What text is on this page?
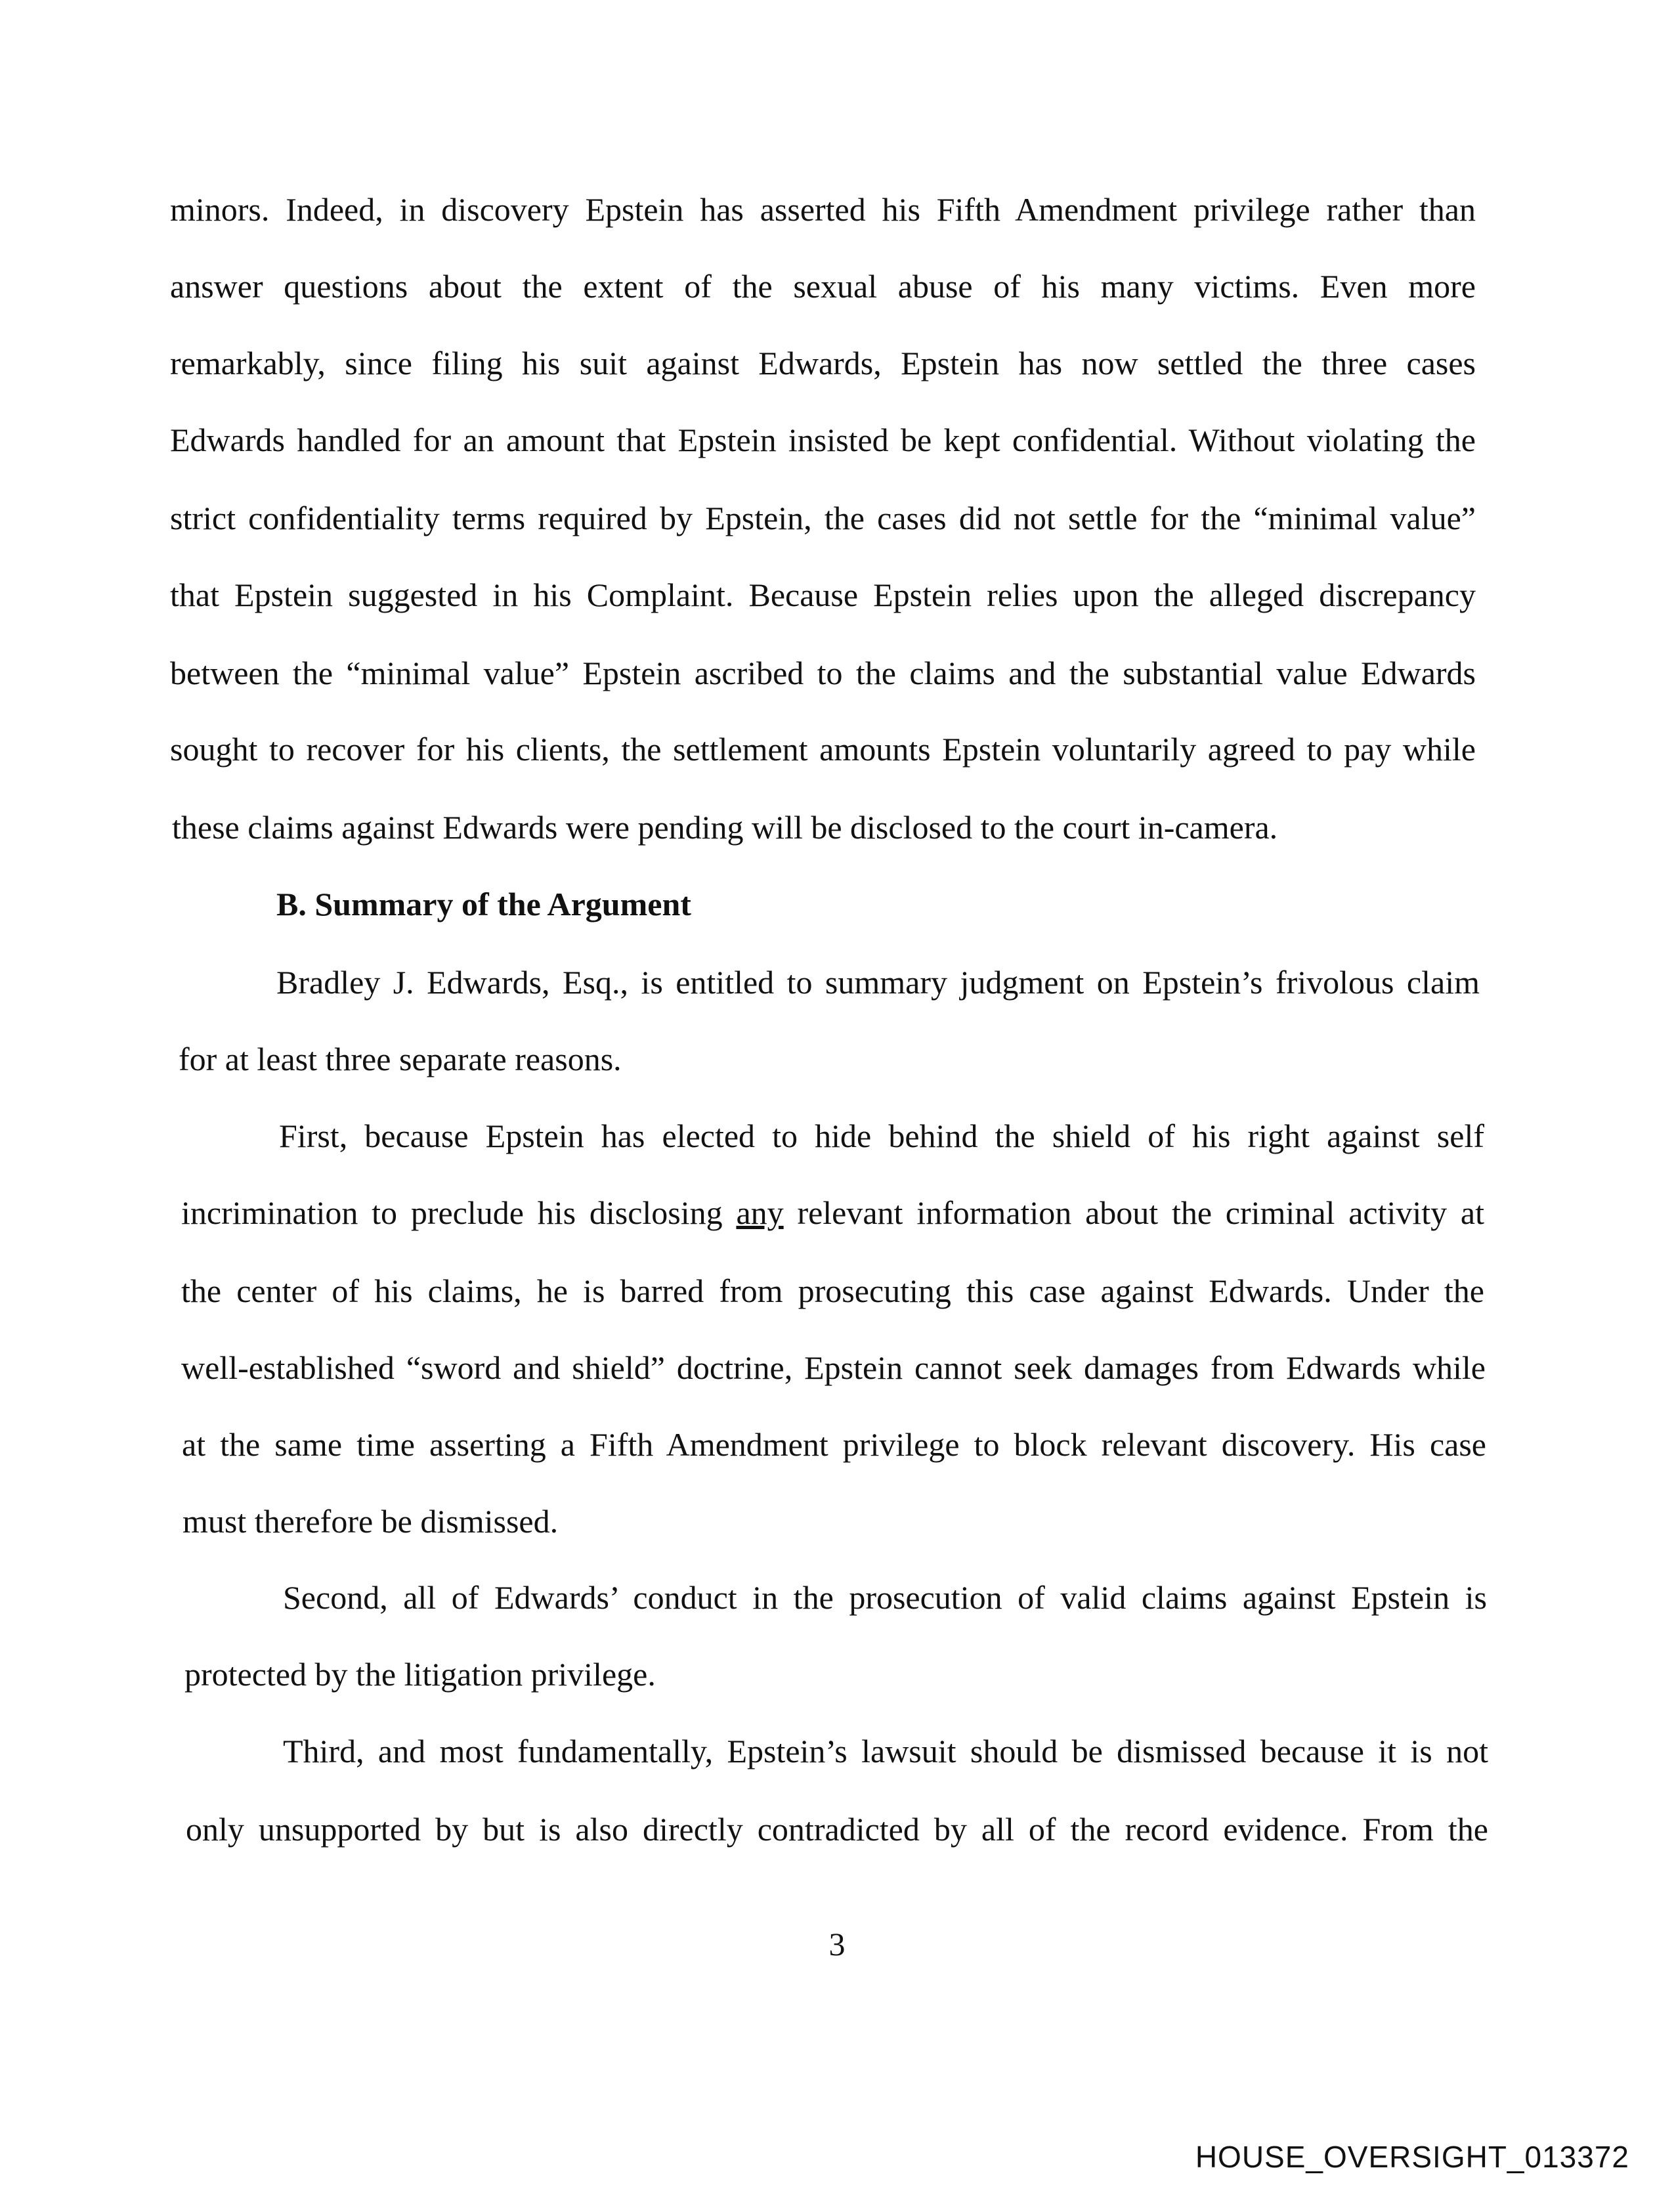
minors. Indeed, in discovery Epstein has asserted his Fifth Amendment privilege rather than
answer questions about the extent of the sexual abuse of his many victims. Even more
remarkably, since filing his suit against Edwards, Epstein has now settled the three cases
Edwards handled for an amount that Epstein insisted be kept confidential. Without violating the
strict confidentiality terms required by Epstein, the cases did not settle for the “minimal value”
that Epstein suggested in his Complaint. Because Epstein relies upon the alleged discrepancy
between the “minimal value” Epstein ascribed to the claims and the substantial value Edwards
sought to recover for his clients, the settlement amounts Epstein voluntarily agreed to pay while
these claims against Edwards were pending will be disclosed to the court in-camera.
B. Summary of the Argument
Bradley J. Edwards, Esq., is entitled to summary judgment on Epstein’s frivolous claim
for at least three separate reasons.
First, because Epstein has elected to hide behind the shield of his right against self
incrimination to preclude his disclosing any relevant information about the criminal activity at
the center of his claims, he is barred from prosecuting this case against Edwards. Under the
well-established “sword and shield” doctrine, Epstein cannot seek damages from Edwards while
at the same time asserting a Fifth Amendment privilege to block relevant discovery. His case
must therefore be dismissed.
Second, all of Edwards’ conduct in the prosecution of valid claims against Epstein is
protected by the litigation privilege.
Third, and most fundamentally, Epstein’s lawsuit should be dismissed because it is not
only unsupported by but is also directly contradicted by all of the record evidence. From the
3
HOUSE_OVERSIGHT_013372
